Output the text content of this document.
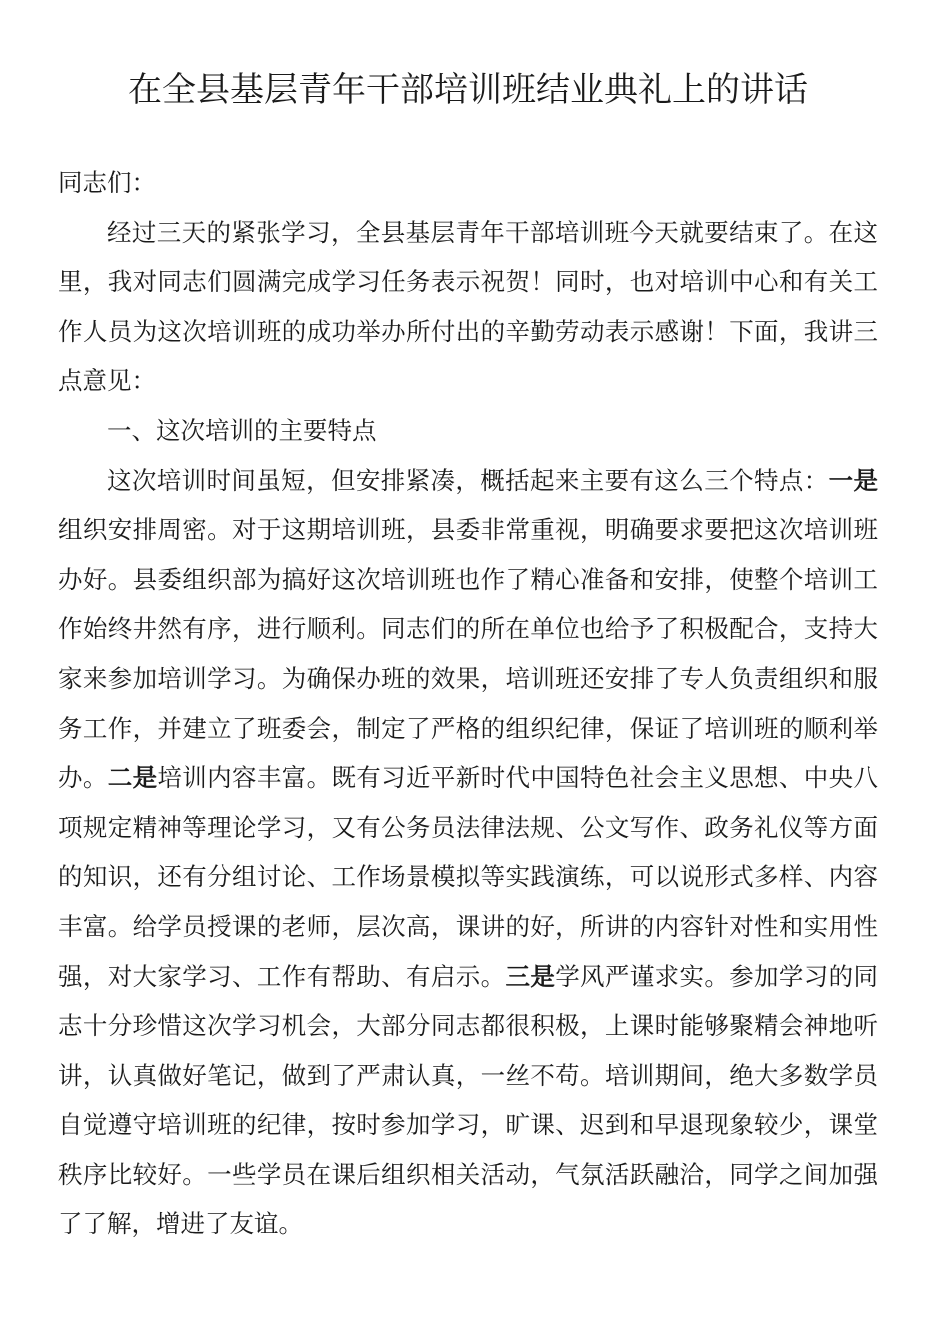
在全县基层青年干部培训班结业典礼上的讲话

同志们：

经过三天的紧张学习，全县基层青年干部培训班今天就要结束了。在这里，我对同志们圆满完成学习任务表示祝贺！同时，也对培训中心和有关工作人员为这次培训班的成功举办所付出的辛勤劳动表示感谢！下面，我讲三点意见：

一、这次培训的主要特点

这次培训时间虽短，但安排紧凑，概括起来主要有这么三个特点：一是组织安排周密。对于这期培训班，县委非常重视，明确要求要把这次培训班办好。县委组织部为搞好这次培训班也作了精心准备和安排，使整个培训工作始终井然有序，进行顺利。同志们的所在单位也给予了积极配合，支持大家来参加培训学习。为确保办班的效果，培训班还安排了专人负责组织和服务工作，并建立了班委会，制定了严格的组织纪律，保证了培训班的顺利举办。二是培训内容丰富。既有习近平新时代中国特色社会主义思想、中央八项规定精神等理论学习，又有公务员法律法规、公文写作、政务礼仪等方面的知识，还有分组讨论、工作场景模拟等实践演练，可以说形式多样、内容丰富。给学员授课的老师，层次高，课讲的好，所讲的内容针对性和实用性强，对大家学习、工作有帮助、有启示。三是学风严谨求实。参加学习的同志十分珍惜这次学习机会，大部分同志都很积极，上课时能够聚精会神地听讲，认真做好笔记，做到了严肃认真，一丝不苟。培训期间，绝大多数学员自觉遵守培训班的纪律，按时参加学习，旷课、迟到和早退现象较少，课堂秩序比较好。一些学员在课后组织相关活动，气氛活跃融洽，同学之间加强了了解，增进了友谊。
